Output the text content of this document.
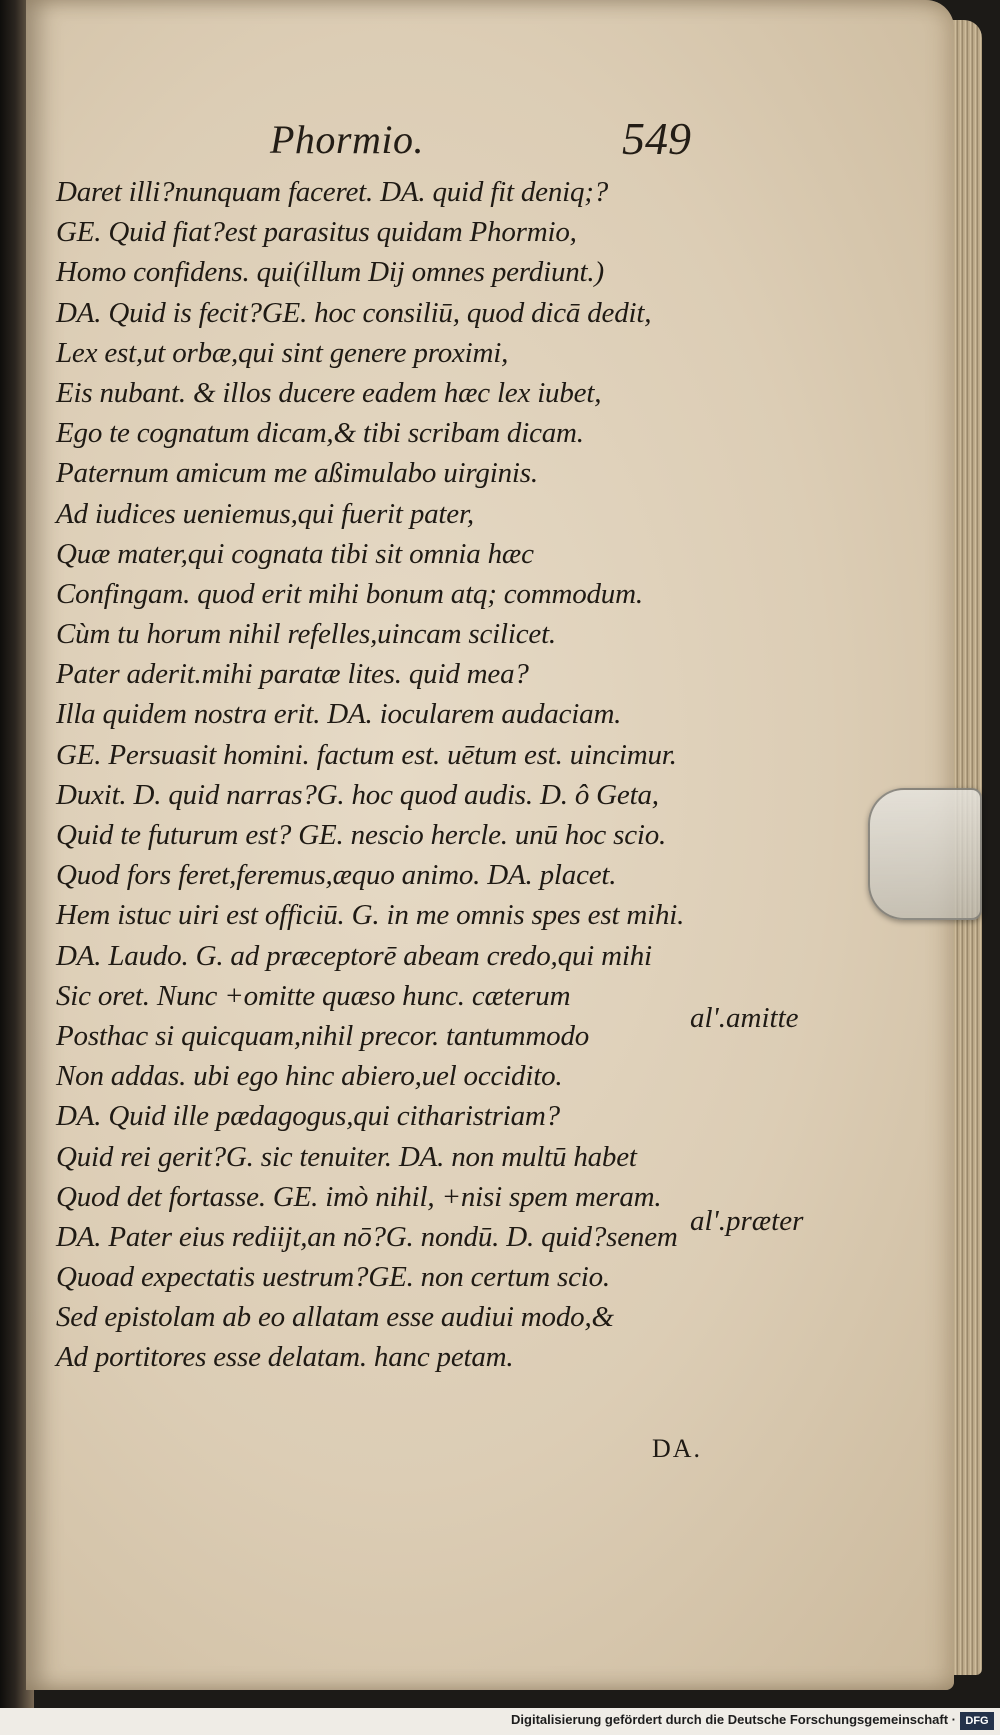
Phormio.	549
Daret illi?nunquam faceret. DA. quid fit deniq;?
GE. Quid fiat?est parasitus quidam Phormio,
Homo confidens. qui(illum Dij omnes perdiunt.)
DA. Quid is fecit?GE. hoc consiliū, quod dicā dedit,
Lex est,ut orbæ,qui sint genere proximi,
Eis nubant. & illos ducere eadem hæc lex iubet,
Ego te cognatum dicam,& tibi scribam dicam.
Paternum amicum me aßimulabo uirginis.
Ad iudices ueniemus,qui fuerit pater,
Quæ mater,qui cognata tibi sit omnia hæc
Confingam. quod erit mihi bonum atq; commodum.
Cùm tu horum nihil refelles,uincam scilicet.
Pater aderit.mihi paratæ lites. quid mea?
Illa quidem nostra erit. DA. iocularem audaciam.
GE. Persuasit homini. factum est. uētum est. uincimur.
Duxit. D. quid narras?G. hoc quod audis. D. ô Geta,
Quid te futurum est? GE. nescio hercle. unū hoc scio.
Quod fors feret,feremus,æquo animo. DA. placet.
Hem istuc uiri est officiū. G. in me omnis spes est mihi.
DA. Laudo. G. ad præceptorē abeam credo,qui mihi
Sic oret. Nunc +omitte quæso hunc. cæterum
Posthac si quicquam,nihil precor. tantummodo
Non addas. ubi ego hinc abiero,uel occidito.
DA. Quid ille pædagogus,qui citharistriam?
Quid rei gerit?G. sic tenuiter. DA. non multū habet
Quod det fortasse. GE. imò nihil, +nisi spem meram.
DA. Pater eius rediijt,an nō?G. nondū. D. quid?senem
Quoad expectatis uestrum?GE. non certum scio.
Sed epistolam ab eo allatam esse audiui modo,&
Ad portitores esse delatam. hanc petam.
al'.amitte
al'.præter
DA.
Digitalisierung gefördert durch die Deutsche Forschungsgemeinschaft · DFG
